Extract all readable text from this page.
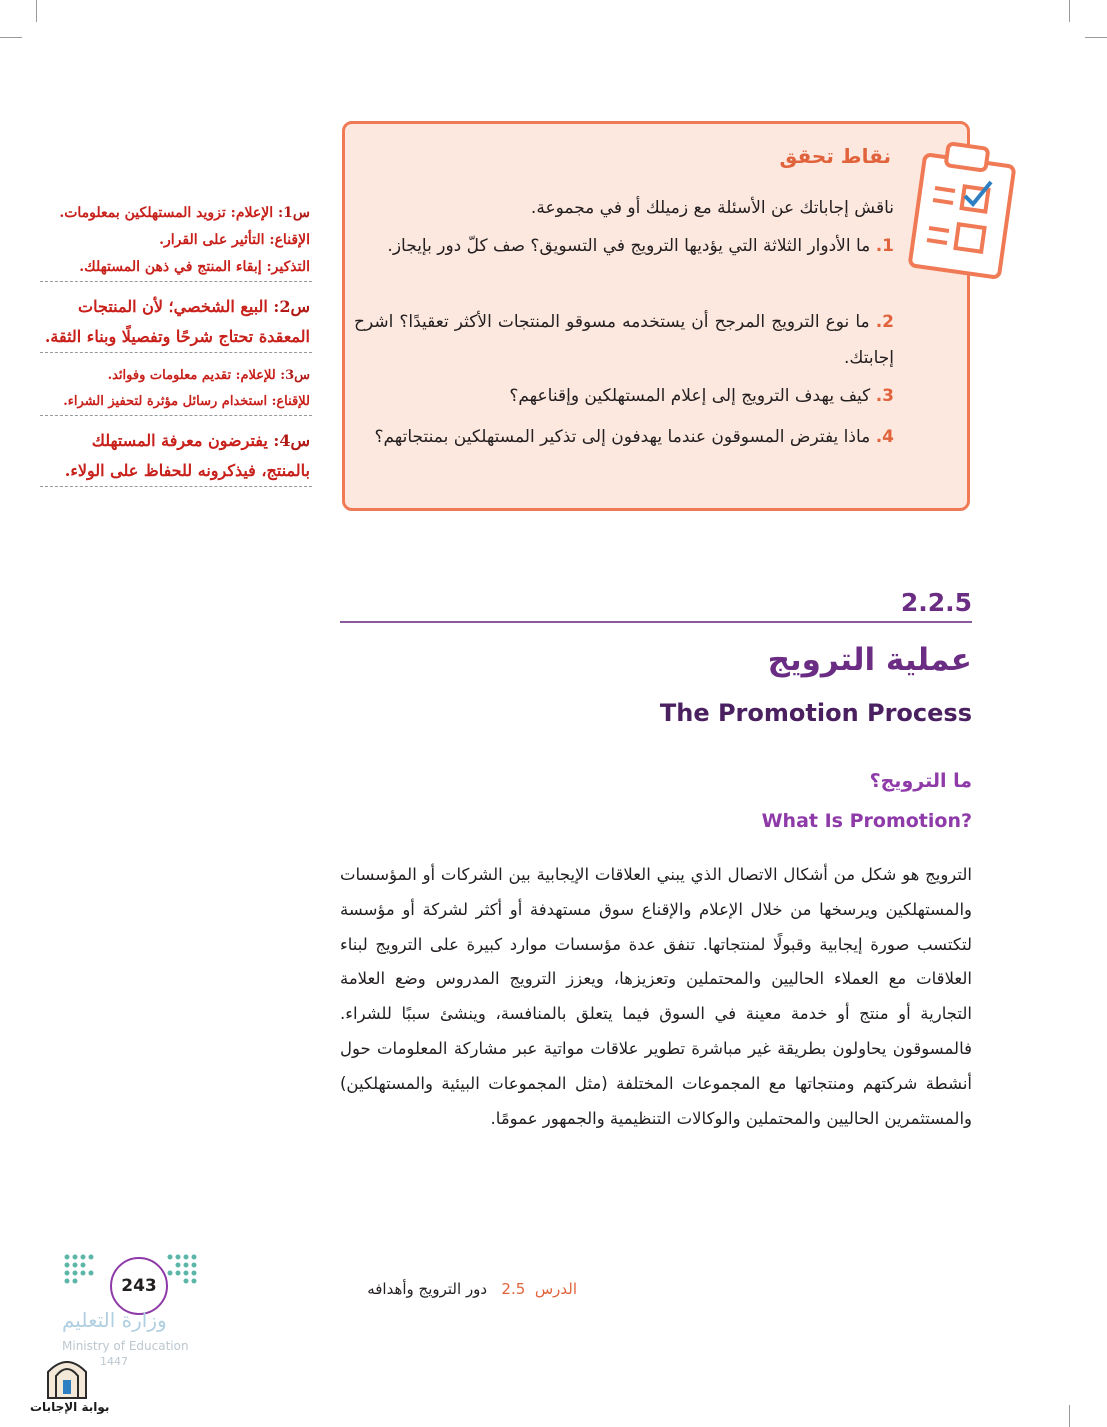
نقاط تحقق
ناقش إجاباتك عن الأسئلة مع زميلك أو في مجموعة.
1. ما الأدوار الثلاثة التي يؤديها الترويج في التسويق؟ صف كلّ دور بإيجاز.
2. ما نوع الترويج المرجح أن يستخدمه مسوقو المنتجات الأكثر تعقيدًا؟ اشرح إجابتك.
3. كيف يهدف الترويج إلى إعلام المستهلكين وإقناعهم؟
4. ماذا يفترض المسوقون عندما يهدفون إلى تذكير المستهلكين بمنتجاتهم؟
س1: الإعلام: تزويد المستهلكين بمعلومات.
الإقناع: التأثير على القرار.
التذكير: إبقاء المنتج في ذهن المستهلك.
س2: البيع الشخصي؛ لأن المنتجات
المعقدة تحتاج شرحًا وتفصيلًا وبناء الثقة.
س3: للإعلام: تقديم معلومات وفوائد.
للإقناع: استخدام رسائل مؤثرة لتحفيز الشراء.
س4: يفترضون معرفة المستهلك
بالمنتج، فيذكرونه للحفاظ على الولاء.
2.2.5
عملية الترويج
The Promotion Process
ما الترويج؟
What Is Promotion?
الترويج هو شكل من أشكال الاتصال الذي يبني العلاقات الإيجابية بين الشركات أو المؤسسات والمستهلكين ويرسخها من خلال الإعلام والإقناع سوق مستهدفة أو أكثر لشركة أو مؤسسة لتكتسب صورة إيجابية وقبولًا لمنتجاتها. تنفق عدة مؤسسات موارد كبيرة على الترويج لبناء العلاقات مع العملاء الحاليين والمحتملين وتعزيزها، ويعزز الترويج المدروس وضع العلامة التجارية أو منتج أو خدمة معينة في السوق فيما يتعلق بالمنافسة، وينشئ سببًا للشراء. فالمسوقون يحاولون بطريقة غير مباشرة تطوير علاقات مواتية عبر مشاركة المعلومات حول أنشطة شركتهم ومنتجاتها مع المجموعات المختلفة (مثل المجموعات البيئية والمستهلكين) والمستثمرين الحاليين والمحتملين والوكالات التنظيمية والجمهور عمومًا.
243	الدرس  2.5   دور الترويج وأهدافه
وزارة التعليم
Ministry of Education
1447
بوابة الإجابات
